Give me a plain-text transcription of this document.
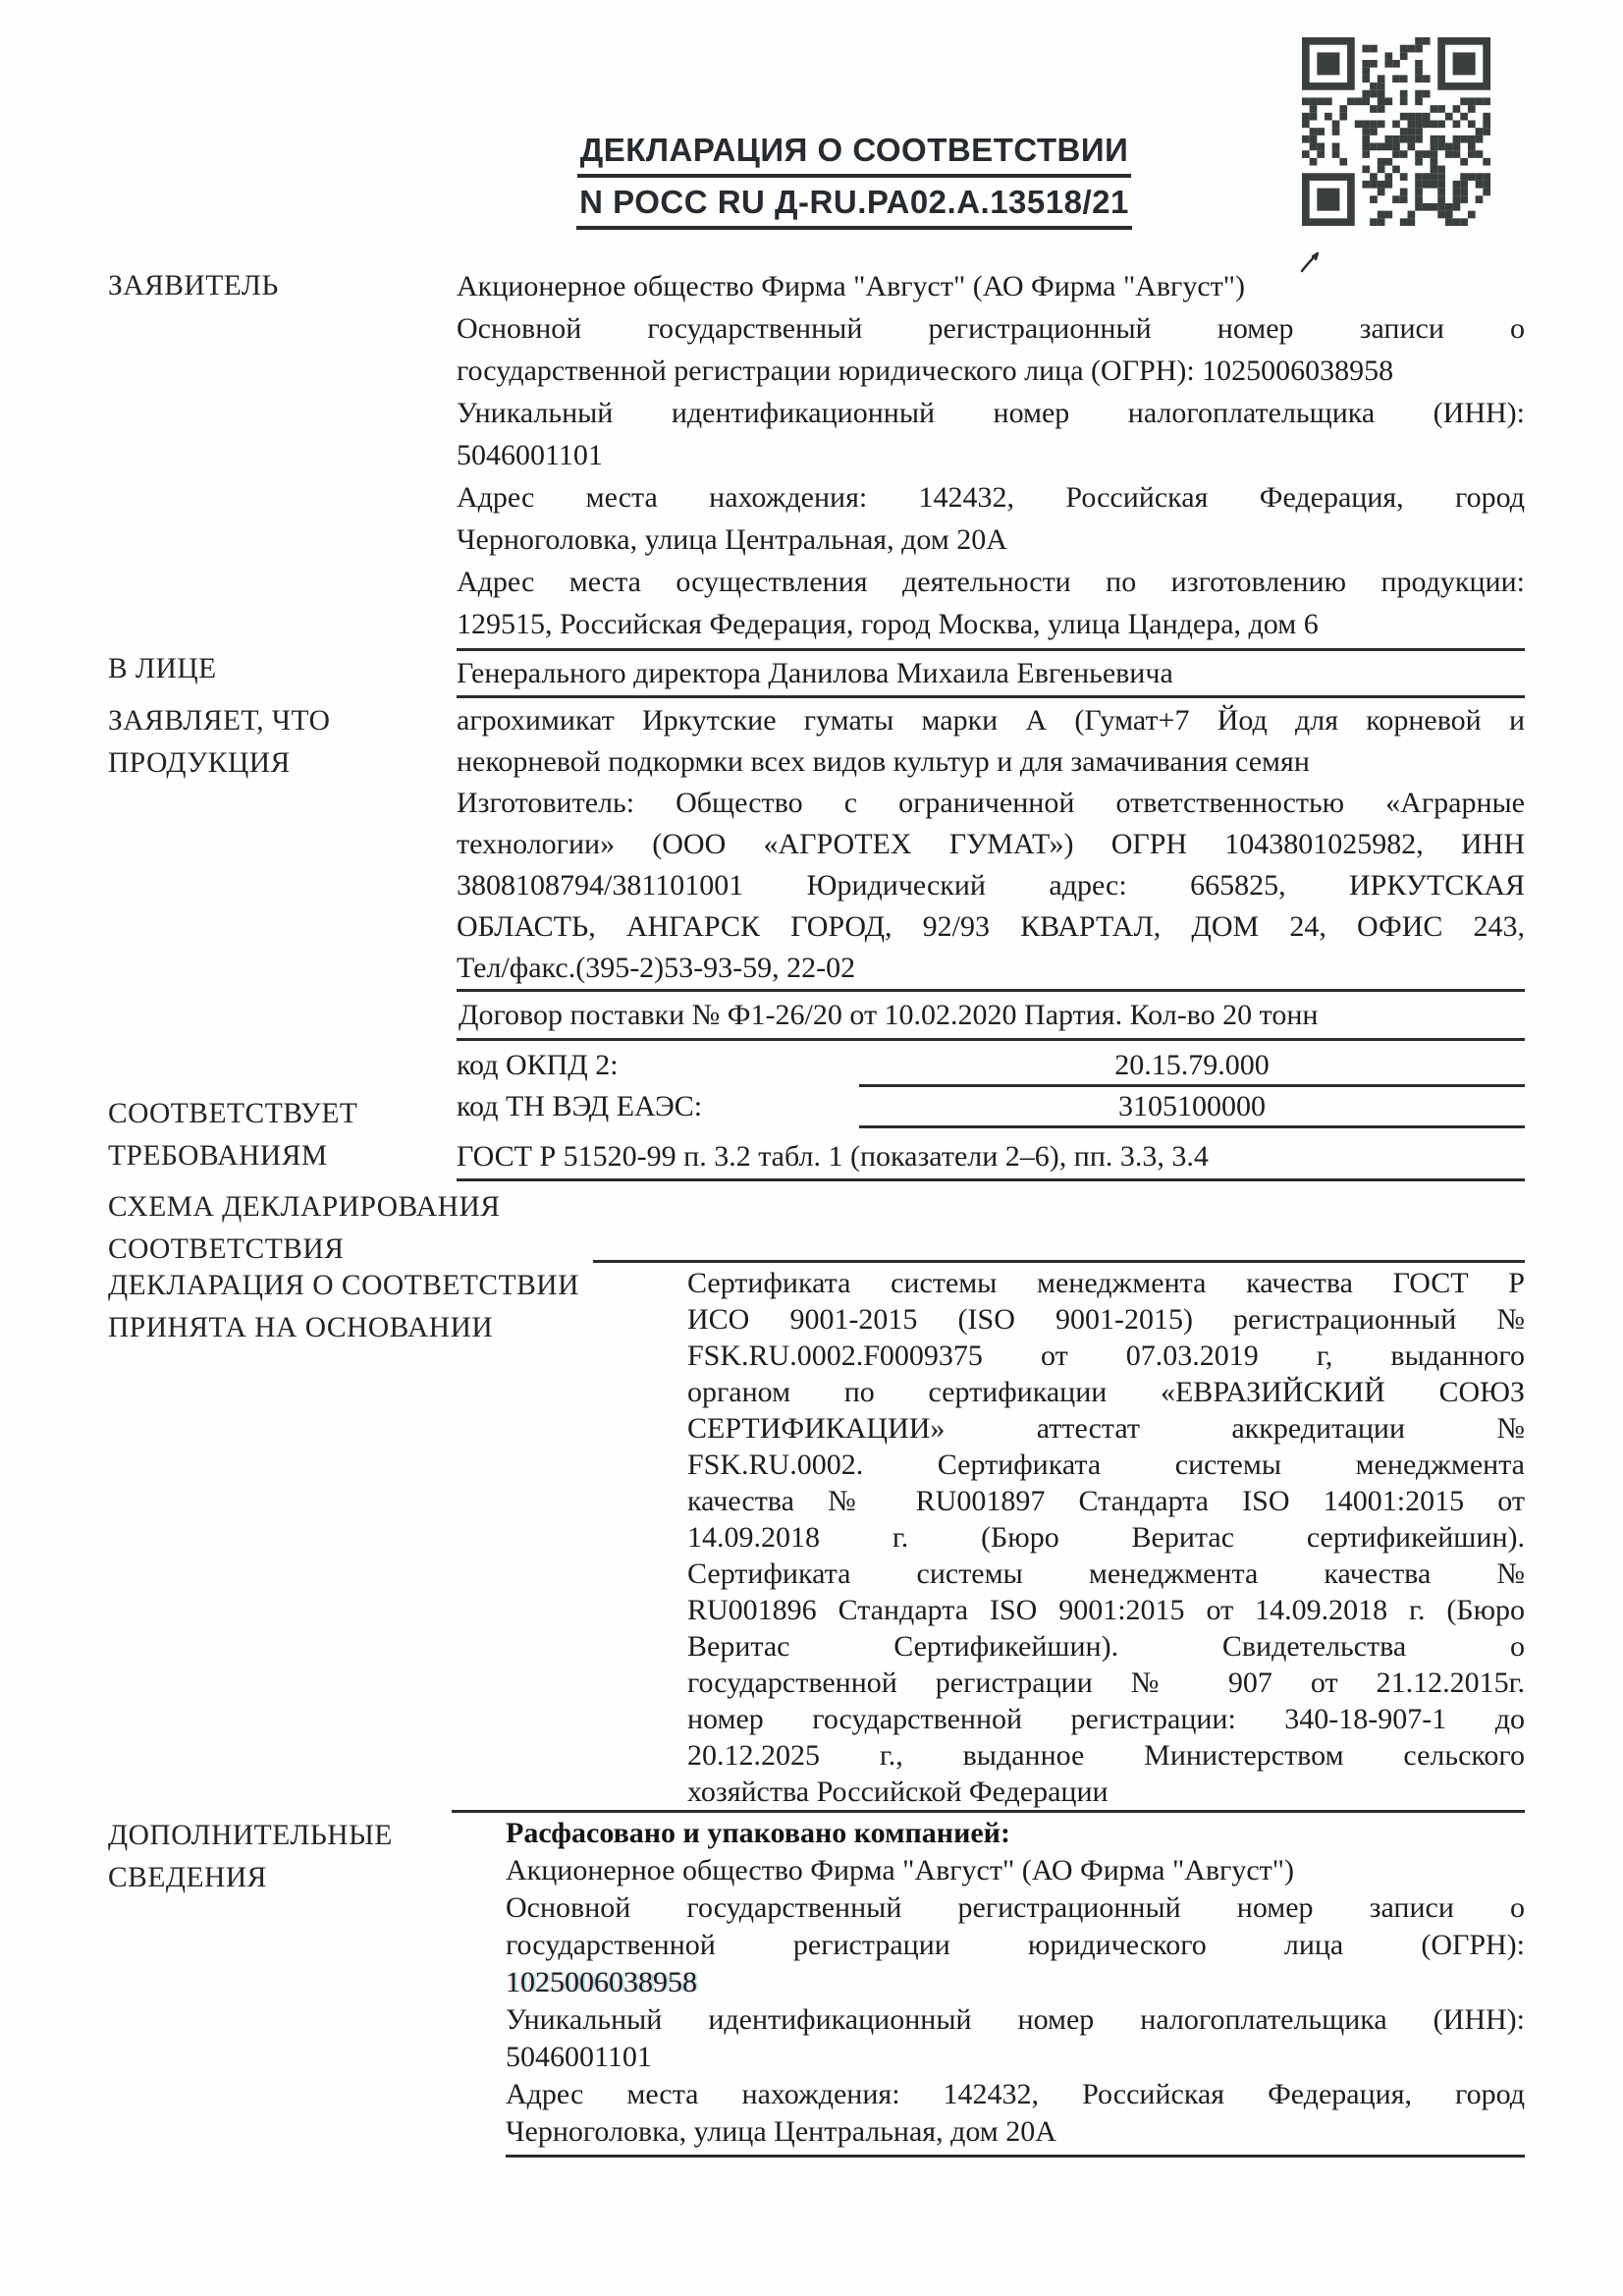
ДЕКЛАРАЦИЯ О СООТВЕТСТВИИ
N РОСС RU Д-RU.РА02.А.13518/21
ЗАЯВИТЕЛЬ	Акционерное общество Фирма "Август" (АО Фирма "Август")
Основной государственный регистрационный номер записи о
государственной регистрации юридического лица (ОГРН): 1025006038958
Уникальный идентификационный номер налогоплательщика (ИНН):
5046001101
Адрес места нахождения: 142432, Российская Федерация, город
Черноголовка, улица Центральная, дом 20А
Адрес места осуществления деятельности по изготовлению продукции:
129515, Российская Федерация, город Москва, улица Цандера, дом 6
В ЛИЦЕ	Генерального директора Данилова Михаила Евгеньевича
ЗАЯВЛЯЕТ, ЧТО
ПРОДУКЦИЯ
агрохимикат Иркутские гуматы марки А (Гумат+7 Йод для корневой и
некорневой подкормки всех видов культур и для замачивания семян
Изготовитель: Общество с ограниченной ответственностью «Аграрные
технологии» (ООО «АГРОТЕХ ГУМАТ») ОГРН 1043801025982, ИНН
3808108794/381101001 Юридический адрес: 665825, ИРКУТСКАЯ
ОБЛАСТЬ, АНГАРСК ГОРОД, 92/93 КВАРТАЛ, ДОМ 24, ОФИС 243,
Тел/факс.(395-2)53-93-59, 22-02
Договор поставки № Ф1-26/20 от 10.02.2020 Партия. Кол-во 20 тонн
код ОКПД 2:	20.15.79.000
код ТН ВЭД ЕАЭС:	3105100000
СООТВЕТСТВУЕТ
ТРЕБОВАНИЯМ	ГОСТ Р 51520-99 п. 3.2 табл. 1 (показатели 2–6), пп. 3.3, 3.4
СХЕМА ДЕКЛАРИРОВАНИЯ
СООТВЕТСТВИЯ
ДЕКЛАРАЦИЯ О СООТВЕТСТВИИ
ПРИНЯТА НА ОСНОВАНИИ
Сертификата системы менеджмента качества ГОСТ Р
ИСО 9001-2015 (ISO 9001-2015) регистрационный №
FSK.RU.0002.F0009375 от 07.03.2019 г, выданного
органом по сертификации «ЕВРАЗИЙСКИЙ СОЮЗ
СЕРТИФИКАЦИИ» аттестат аккредитации №
FSK.RU.0002. Сертификата системы менеджмента
качества № RU001897 Стандарта ISO 14001:2015 от
14.09.2018 г. (Бюро Веритас сертификейшин).
Сертификата системы менеджмента качества №
RU001896 Стандарта ISO 9001:2015 от 14.09.2018 г. (Бюро
Веритас Сертификейшин). Свидетельства о
государственной регистрации № 907 от 21.12.2015г.
номер государственной регистрации: 340-18-907-1 до
20.12.2025 г., выданное Министерством сельского
хозяйства Российской Федерации
ДОПОЛНИТЕЛЬНЫЕ
СВЕДЕНИЯ
Расфасовано и упаковано компанией:
Акционерное общество Фирма "Август" (АО Фирма "Август")
Основной государственный регистрационный номер записи о
государственной регистрации юридического лица (ОГРН):
1025006038958
Уникальный идентификационный номер налогоплательщика (ИНН):
5046001101
Адрес места нахождения: 142432, Российская Федерация, город
Черноголовка, улица Центральная, дом 20А
